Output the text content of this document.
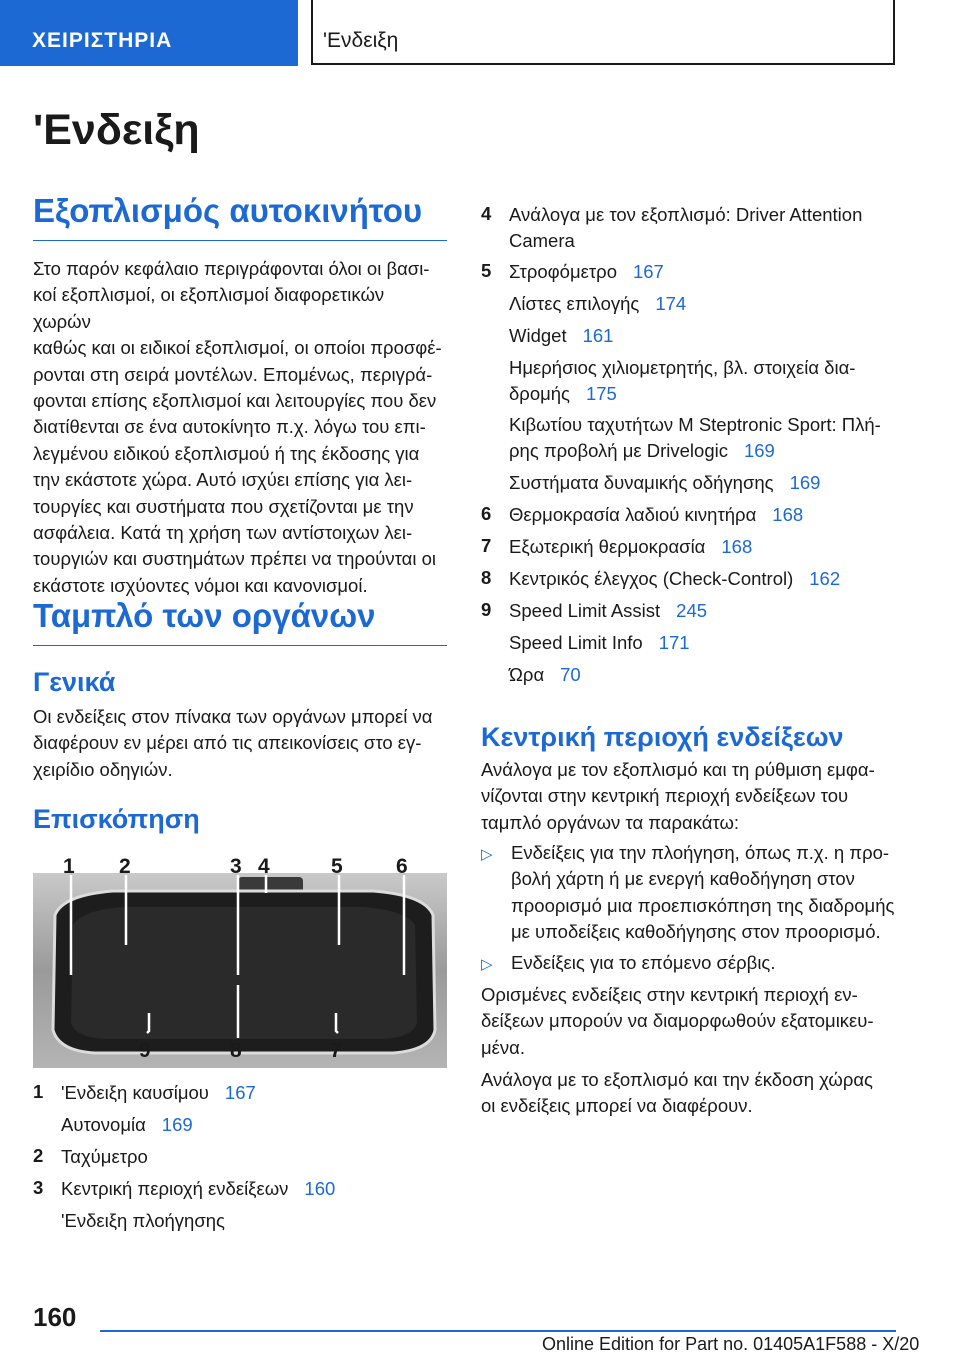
ΧΕΙΡΙΣΤΗΡΙΑ	'Ενδειξη
'Ενδειξη
Εξοπλισμός αυτοκινήτου
Στο παρόν κεφάλαιο περιγράφονται όλοι οι βασι‐
κοί εξοπλισμοί, οι εξοπλισμοί διαφορετικών χωρών
καθώς και οι ειδικοί εξοπλισμοί, οι οποίοι προσφέ‐
ρονται στη σειρά μοντέλων. Επομένως, περιγρά‐
φονται επίσης εξοπλισμοί και λειτουργίες που δεν
διατίθενται σε ένα αυτοκίνητο π.χ. λόγω του επι‐
λεγμένου ειδικού εξοπλισμού ή της έκδοσης για
την εκάστοτε χώρα. Αυτό ισχύει επίσης για λει‐
τουργίες και συστήματα που σχετίζονται με την
ασφάλεια. Κατά τη χρήση των αντίστοιχων λει‐
τουργιών και συστημάτων πρέπει να τηρούνται οι
εκάστοτε ισχύοντες νόμοι και κανονισμοί.
Ταμπλό των οργάνων
Γενικά
Οι ενδείξεις στον πίνακα των οργάνων μπορεί να
διαφέρουν εν μέρει από τις απεικονίσεις στο εγ‐
χειρίδιο οδηγιών.
Επισκόπηση
1 2	3 4	5	6
9	8	7
1 'Ενδειξη καυσίμου 167
Αυτονομία 169
2 Ταχύμετρο
3 Κεντρική περιοχή ενδείξεων 160
'Ενδειξη πλοήγησης
4 Ανάλογα με τον εξοπλισμό: Driver Attention
Camera
5 Στροφόμετρο 167
Λίστες επιλογής 174
Widget 161
Ημερήσιος χιλιομετρητής, βλ. στοιχεία δια‐
δρομής 175
Κιβωτίου ταχυτήτων M Steptronic Sport: Πλή‐
ρης προβολή με Drivelogic 169
Συστήματα δυναμικής οδήγησης 169
6 Θερμοκρασία λαδιού κινητήρα 168
7 Εξωτερική θερμοκρασία 168
8 Κεντρικός έλεγχος (Check-Control) 162
9 Speed Limit Assist 245
Speed Limit Info 171
Ώρα 70
Κεντρική περιοχή ενδείξεων
Ανάλογα με τον εξοπλισμό και τη ρύθμιση εμφα‐
νίζονται στην κεντρική περιοχή ενδείξεων του
ταμπλό οργάνων τα παρακάτω:
▷ Ενδείξεις για την πλοήγηση, όπως π.χ. η προ‐
βολή χάρτη ή με ενεργή καθοδήγηση στον
προορισμό μια προεπισκόπηση της διαδρομής
με υποδείξεις καθοδήγησης στον προορισμό.
▷ Ενδείξεις για το επόμενο σέρβις.
Ορισμένες ενδείξεις στην κεντρική περιοχή εν‐
δείξεων μπορούν να διαμορφωθούν εξατομικευ‐
μένα.
Ανάλογα με το εξοπλισμό και την έκδοση χώρας
οι ενδείξεις μπορεί να διαφέρουν.
160
Online Edition for Part no. 01405A1F588 - X/20
